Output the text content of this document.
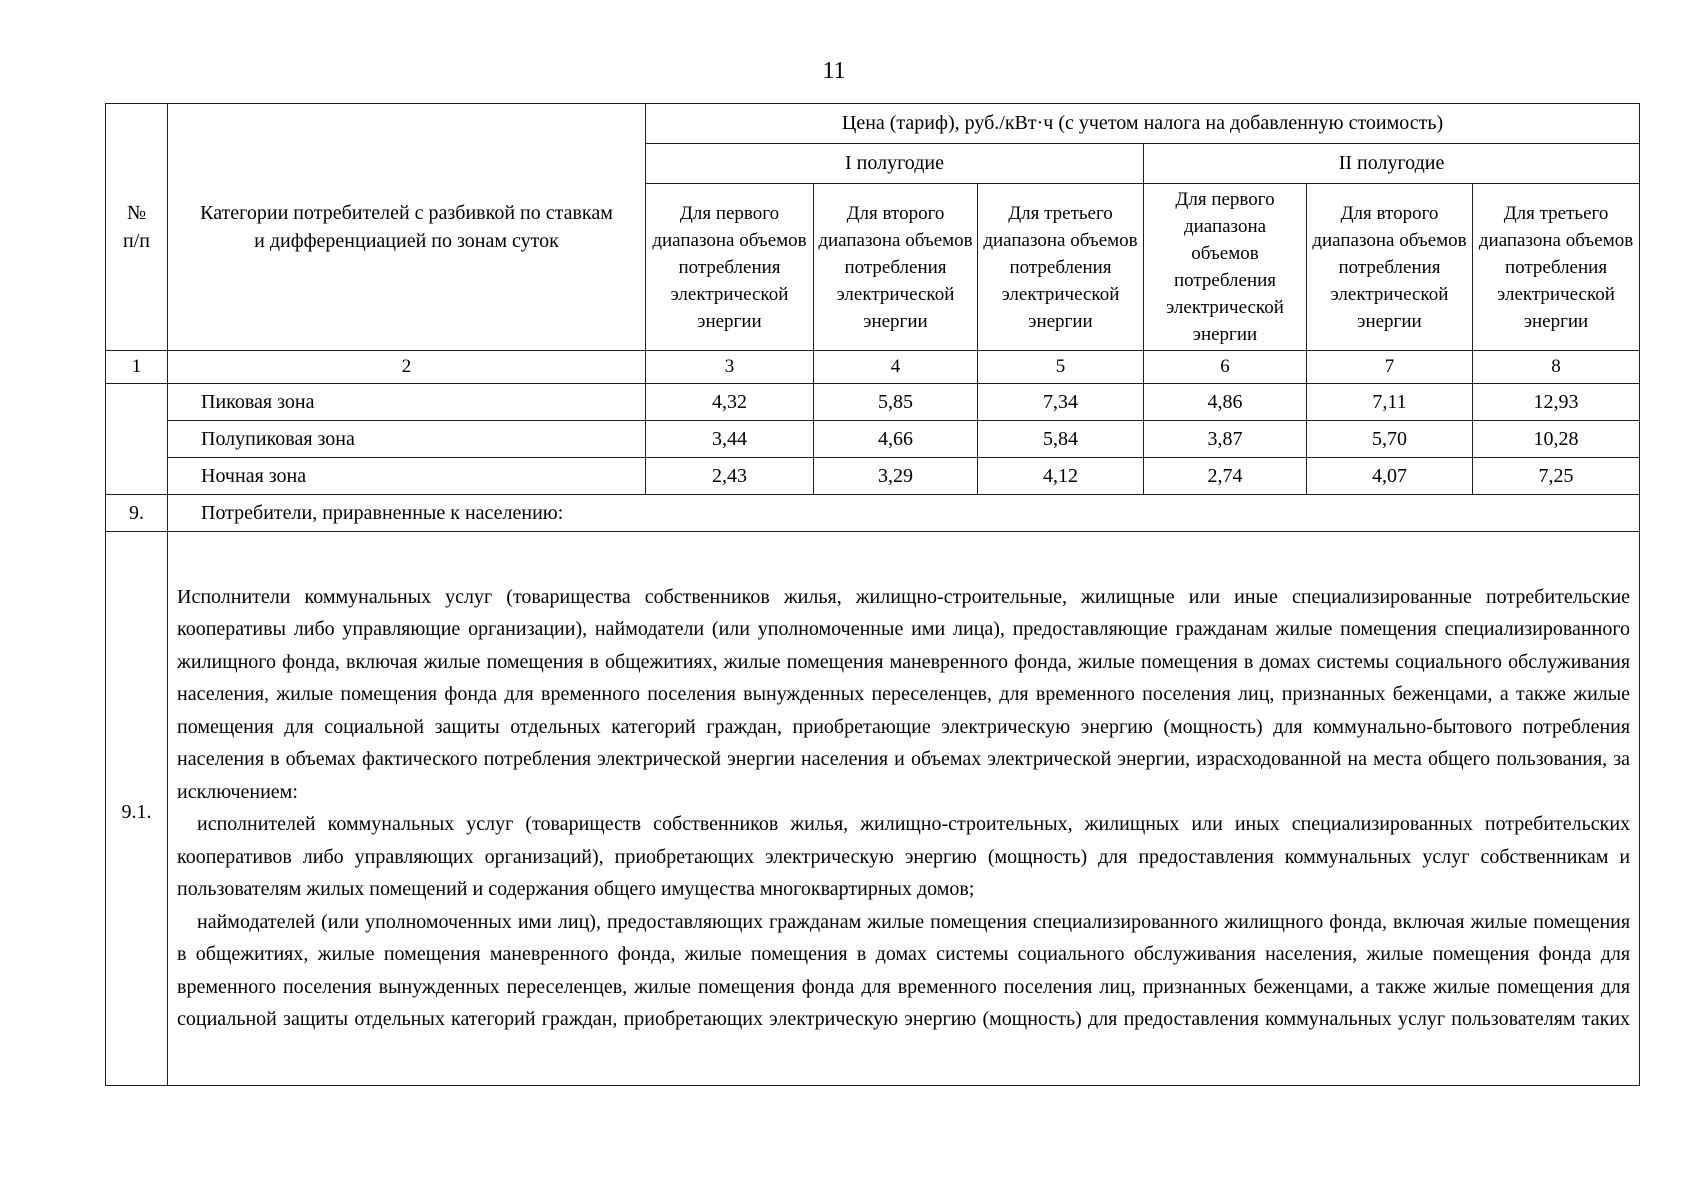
11
№
п/п	Категории потребителей с разбивкой по ставкам и дифференциацией по зонам суток	Цена (тариф), руб./кВт·ч (с учетом налога на добавленную стоимость)					
		I полугодие			II полугодие		
		Для первого диапазона объемов потребления электрической энергии	Для второго диапазона объемов потребления электрической энергии	Для третьего диапазона объемов потребления электрической энергии	Для первого диапазона объемов потребления электрической энергии	Для второго диапазона объемов потребления электрической энергии	Для третьего диапазона объемов потребления электрической энергии
1	2	3	4	5	6	7	8
	Пиковая зона	4,32	5,85	7,34	4,86	7,11	12,93
	Полупиковая зона	3,44	4,66	5,84	3,87	5,70	10,28
	Ночная зона	2,43	3,29	4,12	2,74	4,07	7,25
9.	Потребители, приравненные к населению:						
9.1.	Исполнители коммунальных услуг (товарищества собственников жилья, жилищно-строительные, жилищные или иные специализированные потребительские кооперативы либо управляющие организации), наймодатели (или уполномоченные ими лица), предоставляющие гражданам жилые помещения специализированного жилищного фонда, включая жилые помещения в общежитиях, жилые помещения маневренного фонда, жилые помещения в домах системы социального обслуживания населения, жилые помещения фонда для временного поселения вынужденных переселенцев, для временного поселения лиц, признанных беженцами, а также жилые помещения для социальной защиты отдельных категорий граждан, приобретающие электрическую энергию (мощность) для коммунально-бытового потребления населения в объемах фактического потребления электрической энергии населения и объемах электрической энергии, израсходованной на места общего пользования, за исключением:

исполнителей коммунальных услуг (товариществ собственников жилья, жилищно-строительных, жилищных или иных специализированных потребительских кооперативов либо управляющих организаций), приобретающих электрическую энергию (мощность) для предоставления коммунальных услуг собственникам и пользователям жилых помещений и содержания общего имущества многоквартирных домов;

наймодателей (или уполномоченных ими лиц), предоставляющих гражданам жилые помещения специализированного жилищного фонда, включая жилые помещения в общежитиях, жилые помещения маневренного фонда, жилые помещения в домах системы социального обслуживания населения, жилые помещения фонда для временного поселения вынужденных переселенцев, жилые помещения фонда для временного поселения лиц, признанных беженцами, а также жилые помещения для социальной защиты отдельных категорий граждан, приобретающих электрическую энергию (мощность) для предоставления коммунальных услуг пользователям таких						
